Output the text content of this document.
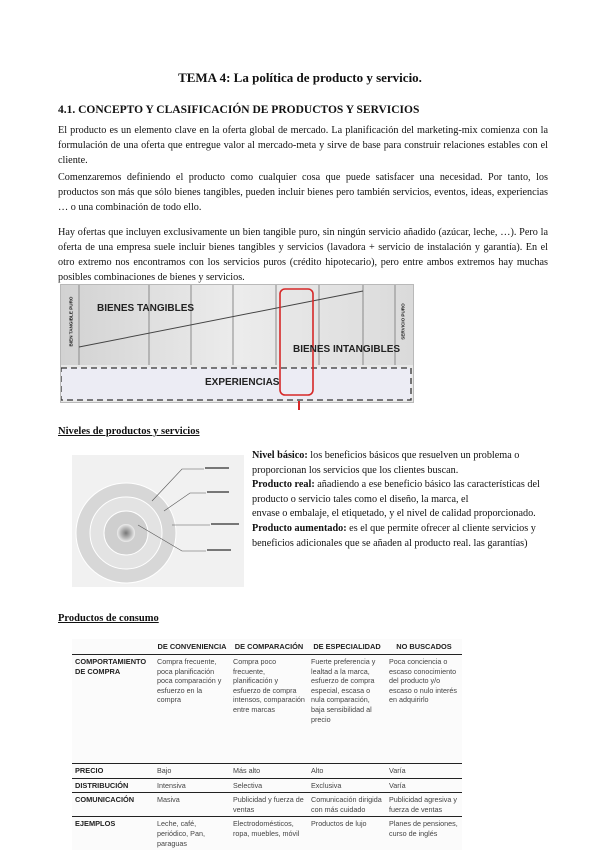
TEMA 4: La política de producto y servicio.
4.1. CONCEPTO Y CLASIFICACIÓN DE PRODUCTOS Y SERVICIOS
El producto es un elemento clave en la oferta global de mercado. La planificación del marketing-mix comienza con la formulación de una oferta que entregue valor al mercado-meta y sirve de base para construir relaciones estables con el cliente.
Comenzaremos definiendo el producto como cualquier cosa que puede satisfacer una necesidad. Por tanto, los productos son más que sólo bienes tangibles, pueden incluir bienes pero también servicios, eventos, ideas, experiencias … o una combinación de todo ello.
Hay ofertas que incluyen exclusivamente un bien tangible puro, sin ningún servicio añadido (azúcar, leche, …). Pero la oferta de una empresa suele incluir bienes tangibles y servicios (lavadora + servicio de instalación y garantía). En el otro extremo nos encontramos con los servicios puros (crédito hipotecario), pero entre ambos extremos hay muchas posibles combinaciones de bienes y servicios.
BIEN TANGIBLE PURO	SERVICIO PURO
BIENES TANGIBLES
BIENES INTANGIBLES
EXPERIENCIAS
Niveles de productos y servicios
Nivel básico: los beneficios básicos que resuelven un problema o proporcionan los servicios que los clientes buscan.
Producto real: añadiendo a ese beneficio básico las características del producto o servicio tales como el diseño, la marca, el
envase o embalaje, el etiquetado, y el nivel de calidad proporcionado.
Producto aumentado: es el que permite ofrecer al cliente servicios y beneficios adicionales que se añaden al producto real. las garantías)
Productos de consumo
	DE CONVENIENCIA	DE COMPARACIÓN	DE ESPECIALIDAD	NO BUSCADOS
COMPORTAMIENTO DE COMPRA	Compra frecuente, poca planificación poca comparación y esfuerzo en la compra	Compra poco frecuente, planificación y esfuerzo de compra intensos, comparación entre marcas	Fuerte preferencia y lealtad a la marca, esfuerzo de compra especial, escasa o nula comparación, baja sensibilidad al precio	Poca conciencia o escaso conocimiento del producto y/o escaso o nulo interés en adquirirlo
PRECIO	Bajo	Más alto	Alto	Varía
DISTRIBUCIÓN	Intensiva	Selectiva	Exclusiva	Varía
COMUNICACIÓN	Masiva	Publicidad y fuerza de ventas	Comunicación dirigida con más cuidado	Publicidad agresiva y fuerza de ventas
EJEMPLOS	Leche, café, periódico, Pan, paraguas	Electrodomésticos, ropa, muebles, móvil	Productos de lujo	Planes de pensiones, curso de inglés
